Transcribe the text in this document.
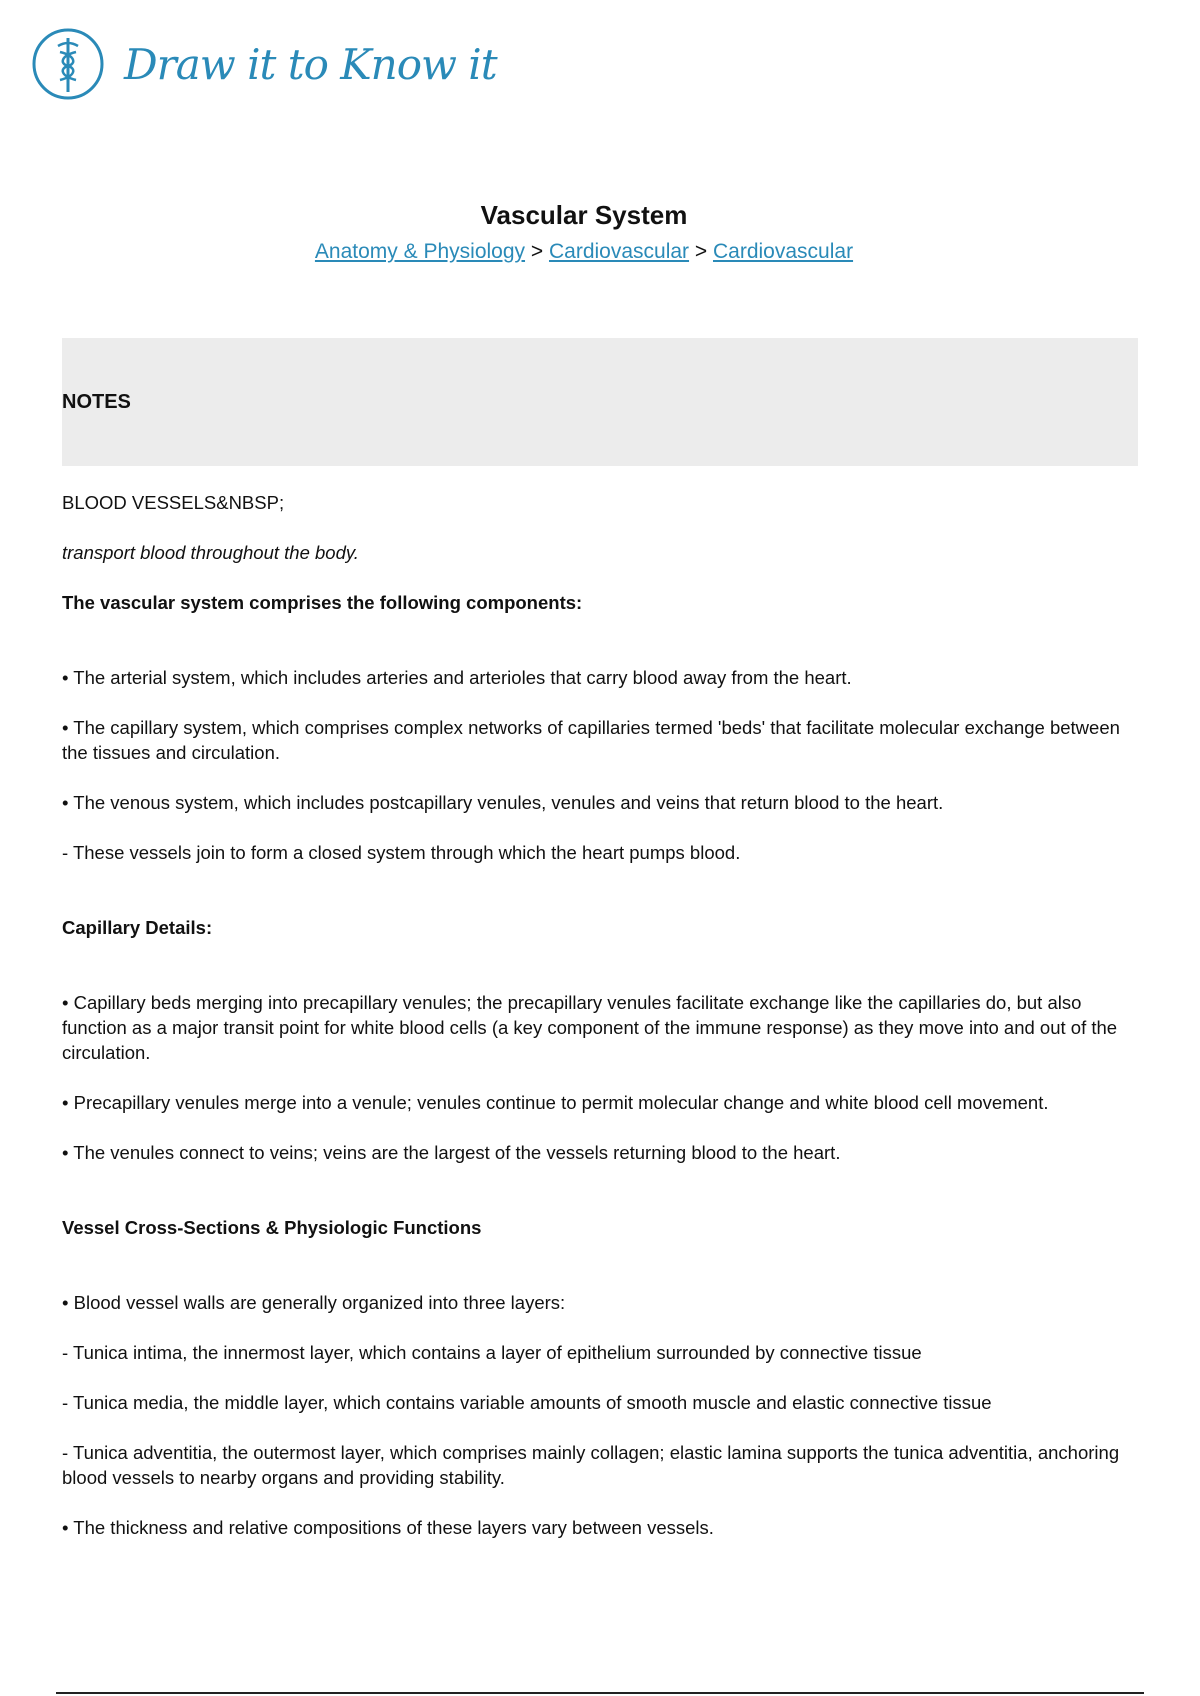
Draw it to Know it
Vascular System
Anatomy & Physiology > Cardiovascular > Cardiovascular
NOTES

BLOOD VESSELS&NBSP;

transport blood throughout the body.

The vascular system comprises the following components:

• The arterial system, which includes arteries and arterioles that carry blood away from the heart.

• The capillary system, which comprises complex networks of capillaries termed 'beds' that facilitate molecular exchange between the tissues and circulation.

• The venous system, which includes postcapillary venules, venules and veins that return blood to the heart.

- These vessels join to form a closed system through which the heart pumps blood.

Capillary Details:

• Capillary beds merging into precapillary venules; the precapillary venules facilitate exchange like the capillaries do, but also function as a major transit point for white blood cells (a key component of the immune response) as they move into and out of the circulation.

• Precapillary venules merge into a venule; venules continue to permit molecular change and white blood cell movement.

• The venules connect to veins; veins are the largest of the vessels returning blood to the heart.

Vessel Cross-Sections & Physiologic Functions

• Blood vessel walls are generally organized into three layers:

- Tunica intima, the innermost layer, which contains a layer of epithelium surrounded by connective tissue

- Tunica media, the middle layer, which contains variable amounts of smooth muscle and elastic connective tissue

- Tunica adventitia, the outermost layer, which comprises mainly collagen; elastic lamina supports the tunica adventitia, anchoring blood vessels to nearby organs and providing stability.

• The thickness and relative compositions of these layers vary between vessels.
